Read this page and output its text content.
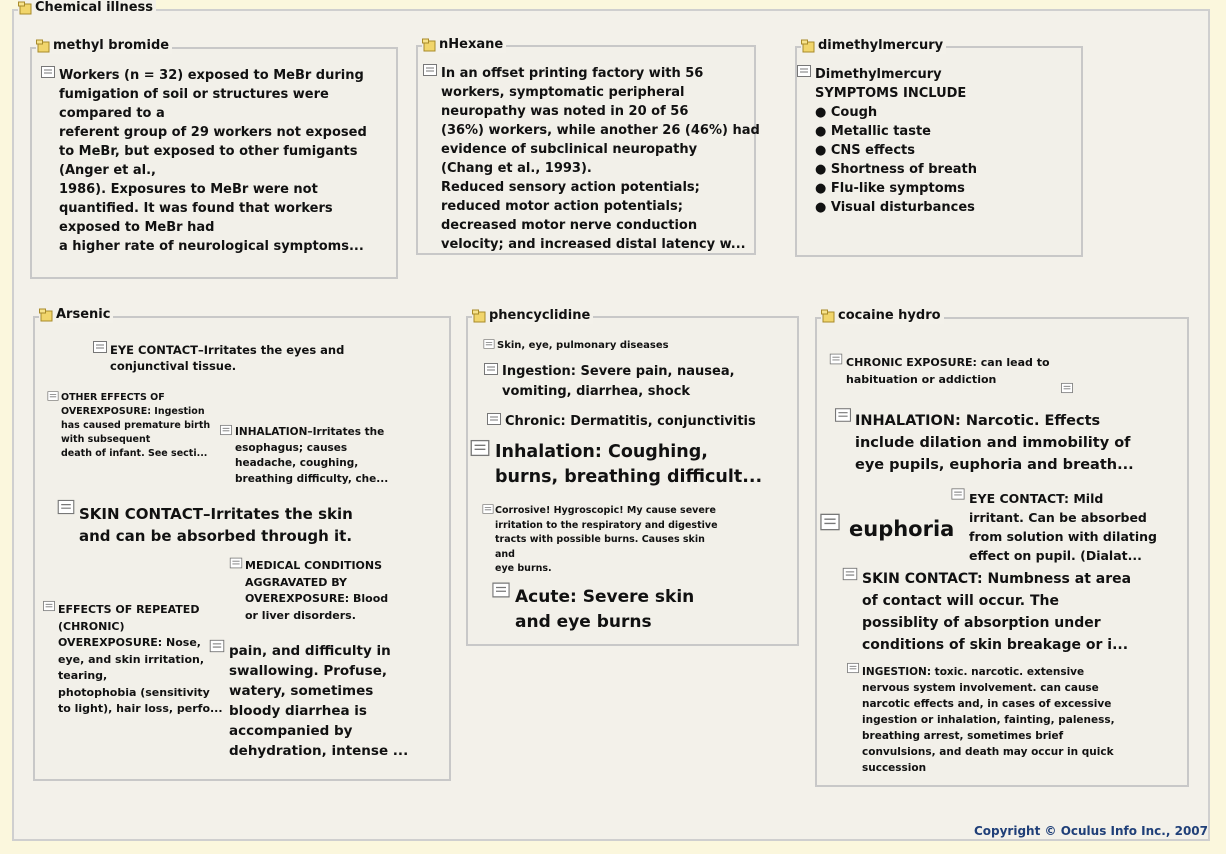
Chemical illness
methyl bromide
Workers (n = 32) exposed to MeBr during
fumigation of soil or structures were
compared to a
referent group of 29 workers not exposed
to MeBr, but exposed to other fumigants
(Anger et al.,
1986). Exposures to MeBr were not
quantified. It was found that workers
exposed to MeBr had
a higher rate of neurological symptoms...
nHexane
In an offset printing factory with 56
workers, symptomatic peripheral
neuropathy was noted in 20 of 56
(36%) workers, while another 26 (46%) had
evidence of subclinical neuropathy
(Chang et al., 1993).
Reduced sensory action potentials;
reduced motor action potentials;
decreased motor nerve conduction
velocity; and increased distal latency w...
dimethylmercury
Dimethylmercury
SYMPTOMS INCLUDE
● Cough
● Metallic taste
● CNS effects
● Shortness of breath
● Flu-like symptoms
● Visual disturbances
Arsenic
EYE CONTACT–Irritates the eyes and
conjunctival tissue.
OTHER EFFECTS OF
OVEREXPOSURE: Ingestion
has caused premature birth
with subsequent
death of infant. See secti...
INHALATION–Irritates the
esophagus; causes
headache, coughing,
breathing difficulty, che...
SKIN CONTACT–Irritates the skin
and can be absorbed through it.
MEDICAL CONDITIONS
AGGRAVATED BY
OVEREXPOSURE: Blood
or liver disorders.
EFFECTS OF REPEATED
(CHRONIC)
OVEREXPOSURE: Nose,
eye, and skin irritation,
tearing,
photophobia (sensitivity
to light), hair loss, perfo...
pain, and difficulty in
swallowing. Profuse,
watery, sometimes
bloody diarrhea is
accompanied by
dehydration, intense ...
phencyclidine
Skin, eye, pulmonary diseases
Ingestion: Severe pain, nausea,
vomiting, diarrhea, shock
Chronic: Dermatitis, conjunctivitis
Inhalation: Coughing,
burns, breathing difficult...
Corrosive! Hygroscopic! My cause severe
irritation to the respiratory and digestive
tracts with possible burns. Causes skin
and
eye burns.
Acute: Severe skin
and eye burns
cocaine hydro
CHRONIC EXPOSURE: can lead to
habituation or addiction
INHALATION: Narcotic. Effects
include dilation and immobility of
eye pupils, euphoria and breath...
EYE CONTACT: Mild
irritant. Can be absorbed
from solution with dilating
effect on pupil. (Dialat...
euphoria
SKIN CONTACT: Numbness at area
of contact will occur. The
possiblity of absorption under
conditions of skin breakage or i...
INGESTION: toxic. narcotic. extensive
nervous system involvement. can cause
narcotic effects and, in cases of excessive
ingestion or inhalation, fainting, paleness,
breathing arrest, sometimes brief
convulsions, and death may occur in quick
succession
Copyright © Oculus Info Inc., 2007
